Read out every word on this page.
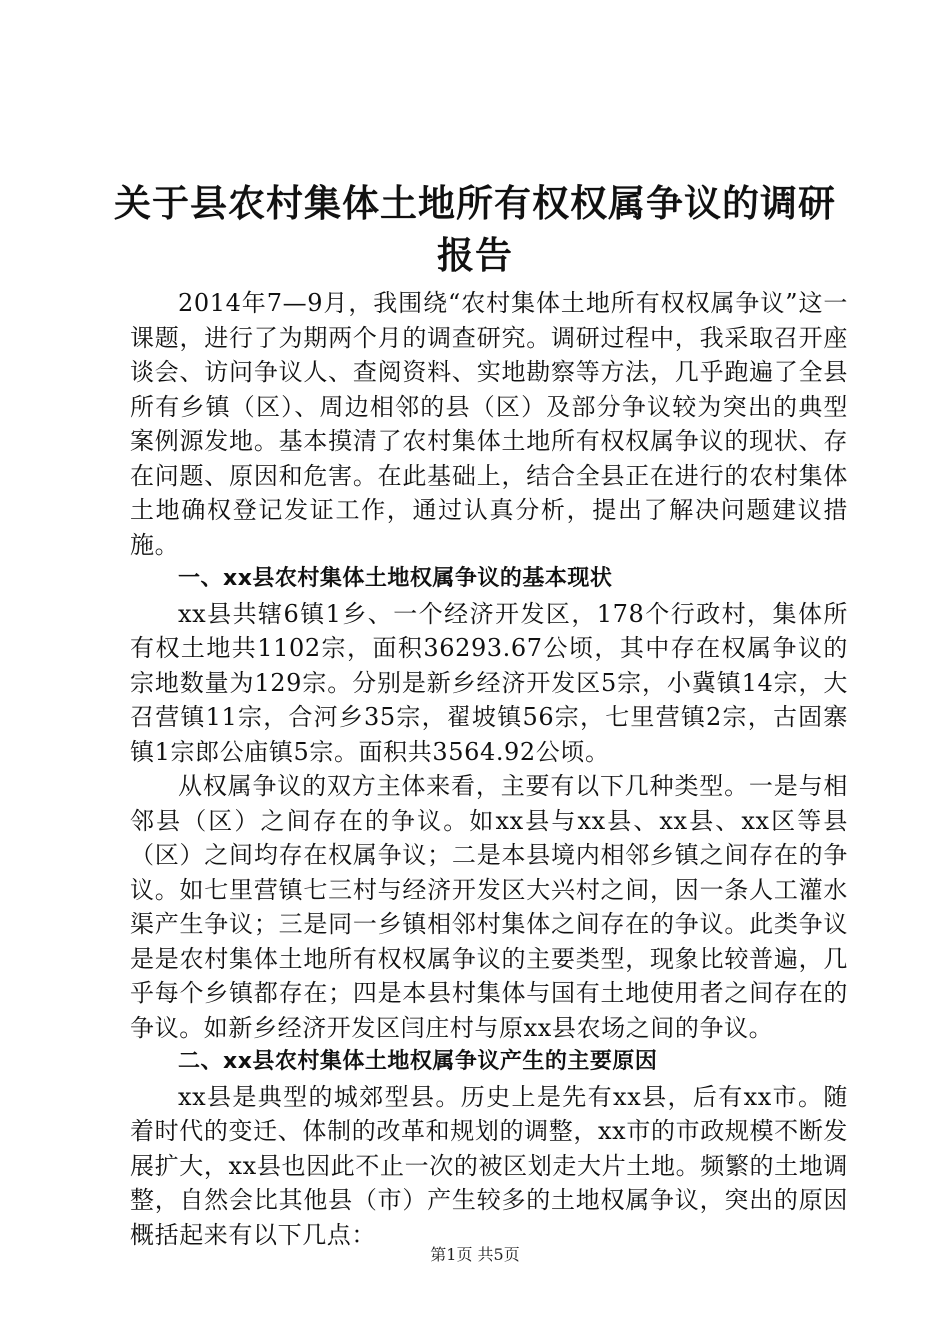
关于县农村集体土地所有权权属争议的调研报告

2014年7—9月，我围绕“农村集体土地所有权权属争议”这一课题，进行了为期两个月的调查研究。调研过程中，我采取召开座谈会、访问争议人、查阅资料、实地勘察等方法，几乎跑遍了全县所有乡镇（区）、周边相邻的县（区）及部分争议较为突出的典型案例源发地。基本摸清了农村集体土地所有权权属争议的现状、存在问题、原因和危害。在此基础上，结合全县正在进行的农村集体土地确权登记发证工作，通过认真分析，提出了解决问题建议措施。

一、xx县农村集体土地权属争议的基本现状

xx县共辖6镇1乡、一个经济开发区，178个行政村，集体所有权土地共1102宗，面积36293.67公顷，其中存在权属争议的宗地数量为129宗。分别是新乡经济开发区5宗，小冀镇14宗，大召营镇11宗，合河乡35宗，翟坡镇56宗，七里营镇2宗，古固寨镇1宗郎公庙镇5宗。面积共3564.92公顷。

从权属争议的双方主体来看，主要有以下几种类型。一是与相邻县（区）之间存在的争议。如xx县与xx县、xx县、xx区等县（区）之间均存在权属争议；二是本县境内相邻乡镇之间存在的争议。如七里营镇七三村与经济开发区大兴村之间，因一条人工灌水渠产生争议；三是同一乡镇相邻村集体之间存在的争议。此类争议是是农村集体土地所有权权属争议的主要类型，现象比较普遍，几乎每个乡镇都存在；四是本县村集体与国有土地使用者之间存在的争议。如新乡经济开发区闫庄村与原xx县农场之间的争议。

二、xx县农村集体土地权属争议产生的主要原因

xx县是典型的城郊型县。历史上是先有xx县，后有xx市。随着时代的变迁、体制的改革和规划的调整，xx市的市政规模不断发展扩大，xx县也因此不止一次的被区划走大片土地。频繁的土地调整，自然会比其他县（市）产生较多的土地权属争议，突出的原因概括起来有以下几点：

第1页 共5页
